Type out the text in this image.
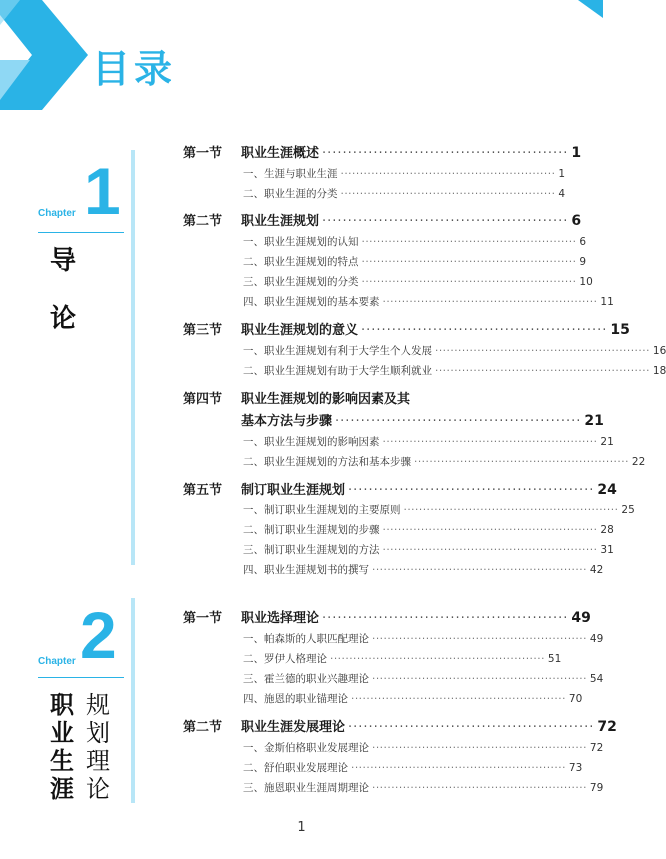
目录
Chapter 1
导
论
Chapter 2
职
业
生
涯
规
划
理
论
第一节	职业生涯概述 ················································ 1
一、生涯与职业生涯 ························································ 1
二、职业生涯的分类 ························································ 4
第二节	职业生涯规划 ················································ 6
一、职业生涯规划的认知 ························································ 6
二、职业生涯规划的特点 ························································ 9
三、职业生涯规划的分类 ························································ 10
四、职业生涯规划的基本要素 ························································ 11
第三节	职业生涯规划的意义 ················································ 15
一、职业生涯规划有利于大学生个人发展 ························································ 16
二、职业生涯规划有助于大学生顺利就业 ························································ 18
第四节	职业生涯规划的影响因素及其
基本方法与步骤 ················································ 21
一、职业生涯规划的影响因素 ························································ 21
二、职业生涯规划的方法和基本步骤 ························································ 22
第五节	制订职业生涯规划 ················································ 24
一、制订职业生涯规划的主要原则 ························································ 25
二、制订职业生涯规划的步骤 ························································ 28
三、制订职业生涯规划的方法 ························································ 31
四、职业生涯规划书的撰写 ························································ 42
第一节	职业选择理论 ················································ 49
一、帕森斯的人职匹配理论 ························································ 49
二、罗伊人格理论 ························································ 51
三、霍兰德的职业兴趣理论 ························································ 54
四、施恩的职业锚理论 ························································ 70
第二节	职业生涯发展理论 ················································ 72
一、金斯伯格职业发展理论 ························································ 72
二、舒伯职业发展理论 ························································ 73
三、施恩职业生涯周期理论 ························································ 79
1
